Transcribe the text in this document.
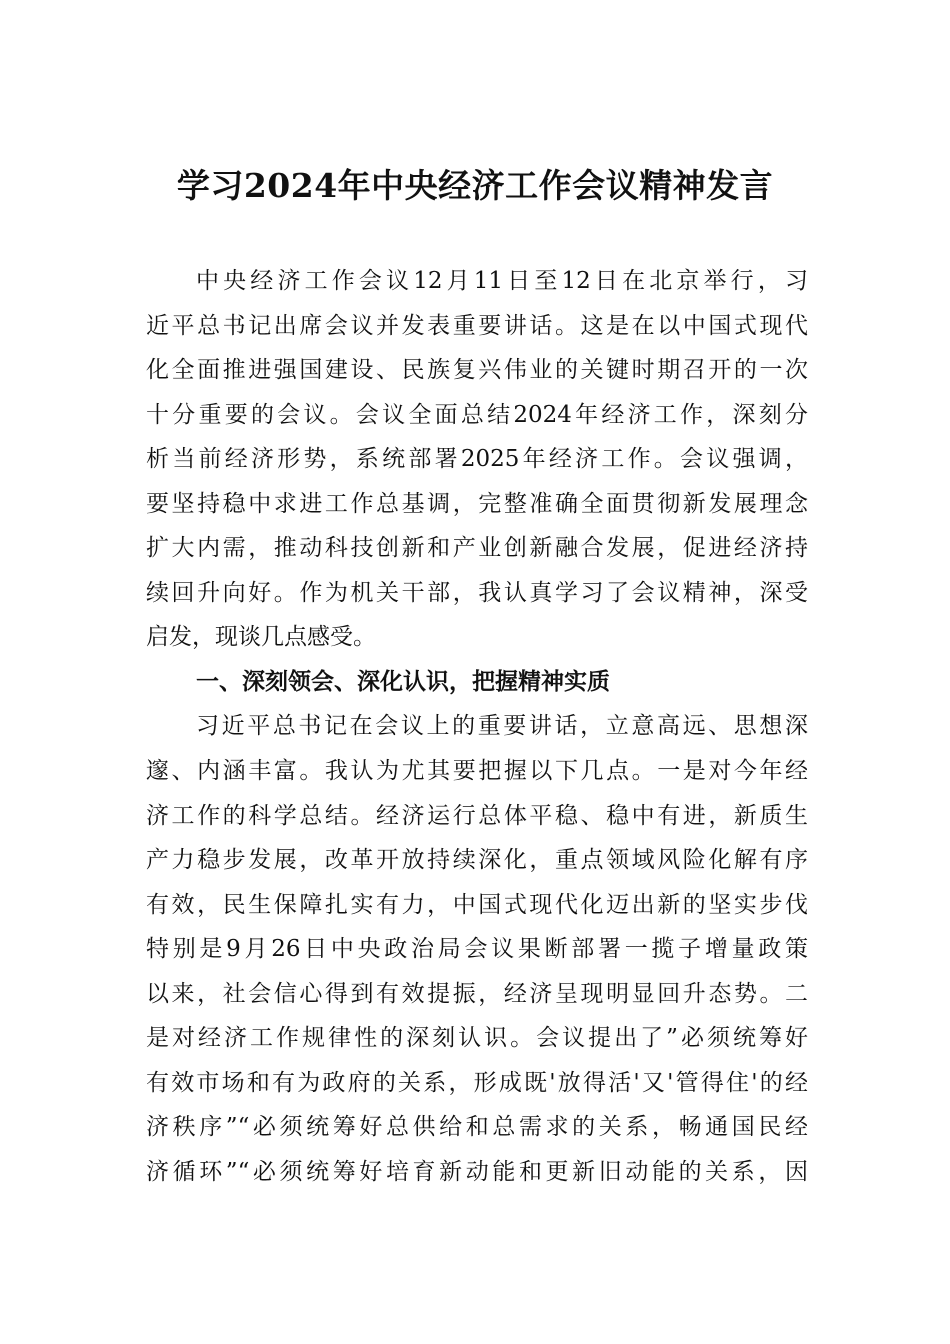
学习2024年中央经济工作会议精神发言
中央经济工作会议12月11日至12日在北京举行，习
近平总书记出席会议并发表重要讲话。这是在以中国式现代
化全面推进强国建设、民族复兴伟业的关键时期召开的一次
十分重要的会议。会议全面总结2024年经济工作，深刻分
析当前经济形势，系统部署2025年经济工作。会议强调，
要坚持稳中求进工作总基调，完整准确全面贯彻新发展理念
扩大内需，推动科技创新和产业创新融合发展，促进经济持
续回升向好。作为机关干部，我认真学习了会议精神，深受
启发，现谈几点感受。
一、深刻领会、深化认识，把握精神实质
习近平总书记在会议上的重要讲话，立意高远、思想深
邃、内涵丰富。我认为尤其要把握以下几点。一是对今年经
济工作的科学总结。经济运行总体平稳、稳中有进，新质生
产力稳步发展，改革开放持续深化，重点领域风险化解有序
有效，民生保障扎实有力，中国式现代化迈出新的坚实步伐
特别是9月26日中央政治局会议果断部署一揽子增量政策
以来，社会信心得到有效提振，经济呈现明显回升态势。二
是对经济工作规律性的深刻认识。会议提出了”必须统筹好
有效市场和有为政府的关系，形成既'放得活'又'管得住'的经
济秩序”“必须统筹好总供给和总需求的关系，畅通国民经
济循环”“必须统筹好培育新动能和更新旧动能的关系，因
